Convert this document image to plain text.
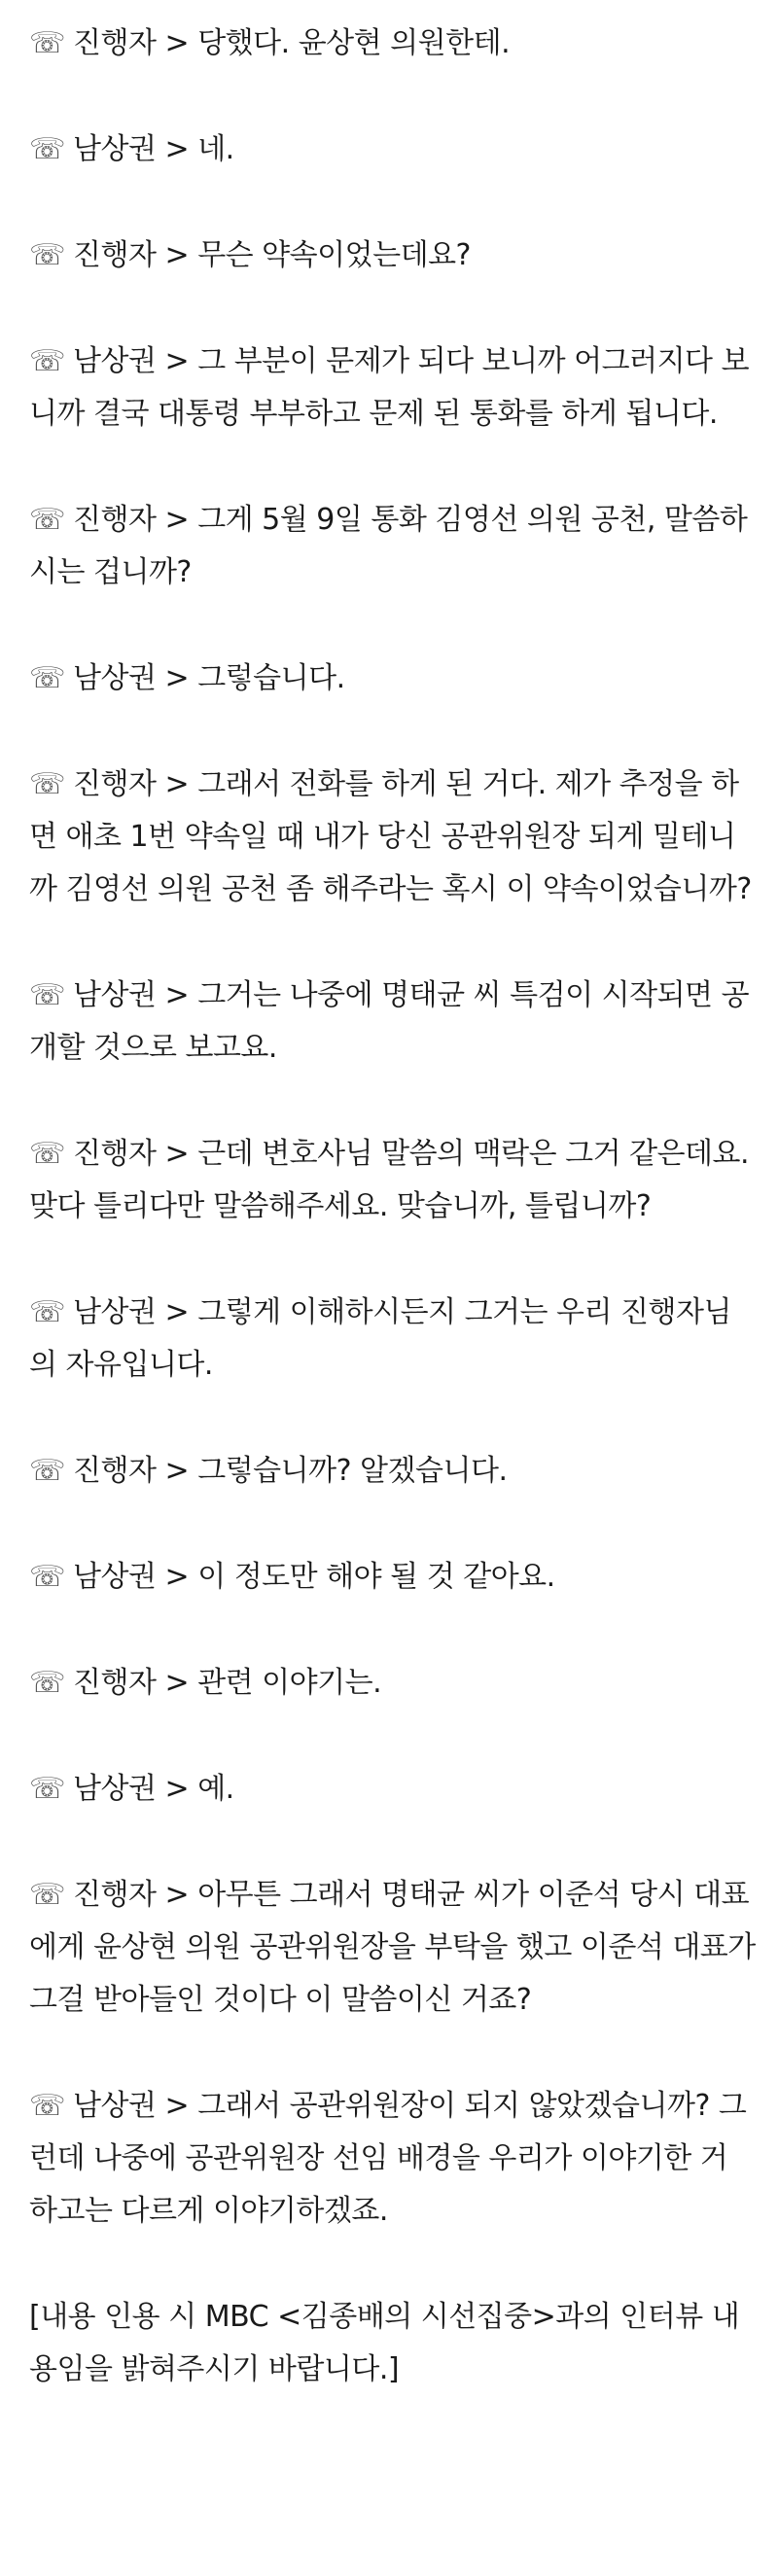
☏ 진행자 > 당했다. 윤상현 의원한테.

☏ 남상권 > 네.

☏ 진행자 > 무슨 약속이었는데요?

☏ 남상권 > 그 부분이 문제가 되다 보니까 어그러지다 보니까 결국 대통령 부부하고 문제 된 통화를 하게 됩니다.

☏ 진행자 > 그게 5월 9일 통화 김영선 의원 공천, 말씀하시는 겁니까?

☏ 남상권 > 그렇습니다.

☏ 진행자 > 그래서 전화를 하게 된 거다. 제가 추정을 하면 애초 1번 약속일 때 내가 당신 공관위원장 되게 밀테니까 김영선 의원 공천 좀 해주라는 혹시 이 약속이었습니까?

☏ 남상권 > 그거는 나중에 명태균 씨 특검이 시작되면 공개할 것으로 보고요.

☏ 진행자 > 근데 변호사님 말씀의 맥락은 그거 같은데요. 맞다 틀리다만 말씀해주세요. 맞습니까, 틀립니까?

☏ 남상권 > 그렇게 이해하시든지 그거는 우리 진행자님의 자유입니다.

☏ 진행자 > 그렇습니까? 알겠습니다.

☏ 남상권 > 이 정도만 해야 될 것 같아요.

☏ 진행자 > 관련 이야기는.

☏ 남상권 > 예.

☏ 진행자 > 아무튼 그래서 명태균 씨가 이준석 당시 대표에게 윤상현 의원 공관위원장을 부탁을 했고 이준석 대표가 그걸 받아들인 것이다 이 말씀이신 거죠?

☏ 남상권 > 그래서 공관위원장이 되지 않았겠습니까? 그런데 나중에 공관위원장 선임 배경을 우리가 이야기한 거 하고는 다르게 이야기하겠죠.

[내용 인용 시 MBC <김종배의 시선집중>과의 인터뷰 내용임을 밝혀주시기 바랍니다.]
